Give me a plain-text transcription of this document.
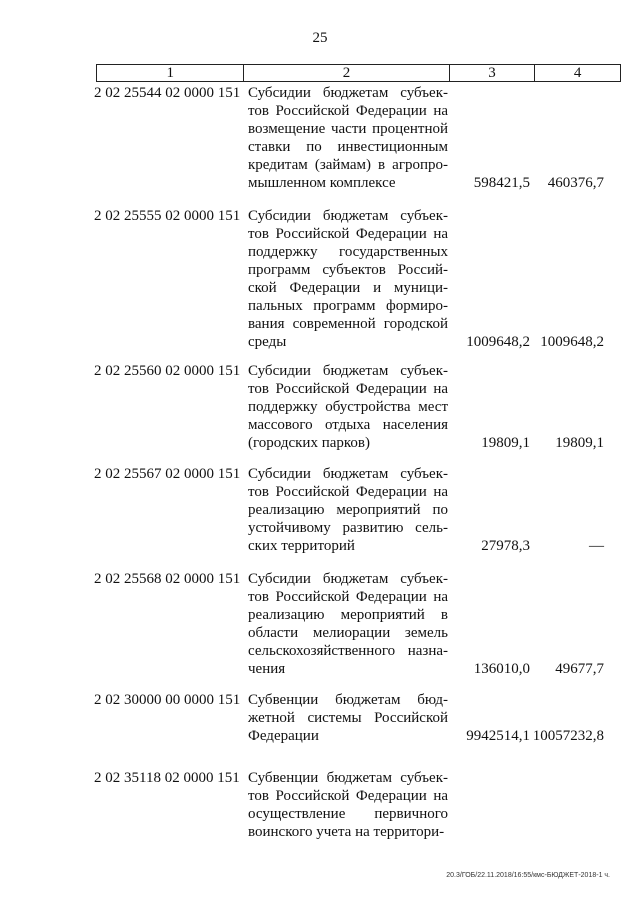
25
1	2	3	4
2 02 25544 02 0000 151 Субсидии бюджетам субъек-
тов Российской Федерации на
возмещение части процентной
ставки по инвестиционным
кредитам (займам) в агропро-
мышленном комплексе	598421,5 460376,7
2 02 25555 02 0000 151 Субсидии бюджетам субъек-
тов Российской Федерации на
поддержку государственных
программ субъектов Россий-
ской Федерации и муници-
пальных программ формиро-
вания современной городской
среды	1009648,2 1009648,2
2 02 25560 02 0000 151 Субсидии бюджетам субъек-
тов Российской Федерации на
поддержку обустройства мест
массового отдыха населения
(городских парков)	19809,1 19809,1
2 02 25567 02 0000 151 Субсидии бюджетам субъек-
тов Российской Федерации на
реализацию мероприятий по
устойчивому развитию сель-
ских территорий	27978,3	—
2 02 25568 02 0000 151 Субсидии бюджетам субъек-
тов Российской Федерации на
реализацию мероприятий в
области мелиорации земель
сельскохозяйственного назна-
чения	136010,0 49677,7
2 02 30000 00 0000 151 Субвенции бюджетам бюд-
жетной системы Российской
Федерации	9942514,1 10057232,8
2 02 35118 02 0000 151 Субвенции бюджетам субъек-
тов Российской Федерации на
осуществление первичного
воинского учета на территори-
20.3/ГОБ/22.11.2018/16:55/кмс-БЮДЖЕТ-2018-1 ч.
